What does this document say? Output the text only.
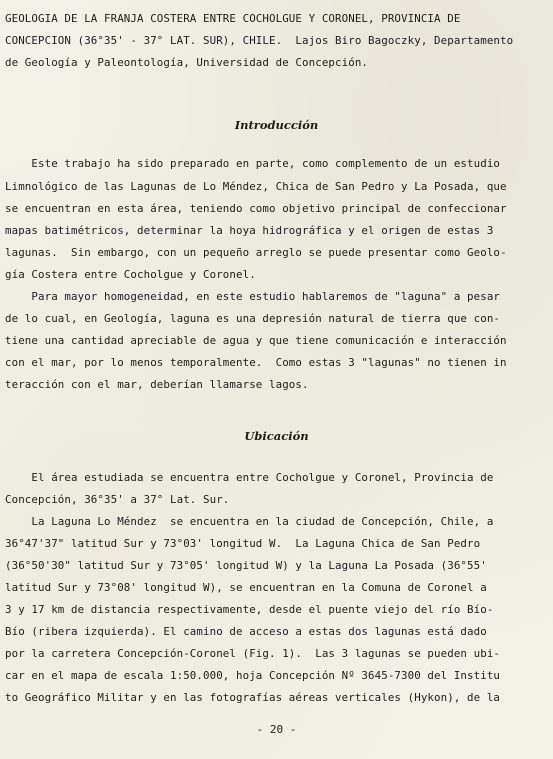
GEOLOGIA DE LA FRANJA COSTERA ENTRE COCHOLGUE Y CORONEL, PROVINCIA DE

CONCEPCION (36°35' - 37° LAT. SUR), CHILE.  Lajos Biro Bagoczky, Departamento

de Geología y Paleontología, Universidad de Concepción.

Introducción

Este trabajo ha sido preparado en parte, como complemento de un estudio

Limnológico de las Lagunas de Lo Méndez, Chica de San Pedro y La Posada, que

se encuentran en esta área, teniendo como objetivo principal de confeccionar

mapas batimétricos, determinar la hoya hidrográfica y el origen de estas 3

lagunas.  Sin embargo, con un pequeño arreglo se puede presentar como Geolo-

gía Costera entre Cocholgue y Coronel.

Para mayor homogeneidad, en este estudio hablaremos de "laguna" a pesar

de lo cual, en Geología, laguna es una depresión natural de tierra que con-

tiene una cantidad apreciable de agua y que tiene comunicación e interacción

con el mar, por lo menos temporalmente.  Como estas 3 "lagunas" no tienen in

teracción con el mar, deberían llamarse lagos.

Ubicación

El área estudiada se encuentra entre Cocholgue y Coronel, Provincia de

Concepción, 36°35' a 37° Lat. Sur.

La Laguna Lo Méndez  se encuentra en la ciudad de Concepción, Chile, a

36°47'37" latitud Sur y 73°03' longitud W.  La Laguna Chica de San Pedro

(36°50'30" latitud Sur y 73°05' longitud W) y la Laguna La Posada (36°55'

latitud Sur y 73°08' longitud W), se encuentran en la Comuna de Coronel a

3 y 17 km de distancia respectivamente, desde el puente viejo del río Bío-

Bío (ribera izquierda). El camino de acceso a estas dos lagunas está dado

por la carretera Concepción-Coronel (Fig. 1).  Las 3 lagunas se pueden ubi-

car en el mapa de escala 1:50.000, hoja Concepción Nº 3645-7300 del Institu

to Geográfico Militar y en las fotografías aéreas verticales (Hykon), de la

- 20 -
